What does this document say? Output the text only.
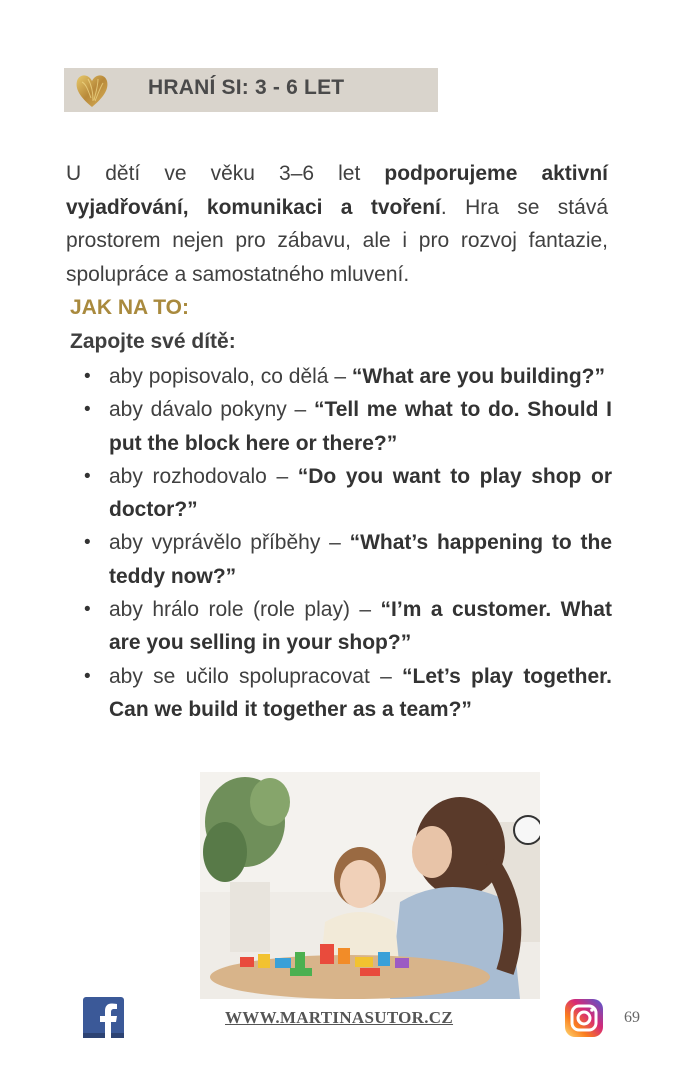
HRANÍ SI: 3 - 6 LET

U dětí ve věku 3–6 let podporujeme aktivní vyjadřování, komunikaci a tvoření. Hra se stává prostorem nejen pro zábavu, ale i pro rozvoj fantazie, spolupráce a samostatného mluvení.

JAK NA TO:
Zapojte své dítě:
• aby popisovalo, co dělá – “What are you building?”
• aby dávalo pokyny – “Tell me what to do. Should I put the block here or there?”
• aby rozhodovalo – “Do you want to play shop or doctor?”
• aby vyprávělo příběhy – “What’s happening to the teddy now?”
• aby hrálo role (role play) – “I’m a customer. What are you selling in your shop?”
• aby se učilo spolupracovat – “Let’s play together. Can we build it together as a team?”
WWW.MARTINASUTOR.CZ	69
